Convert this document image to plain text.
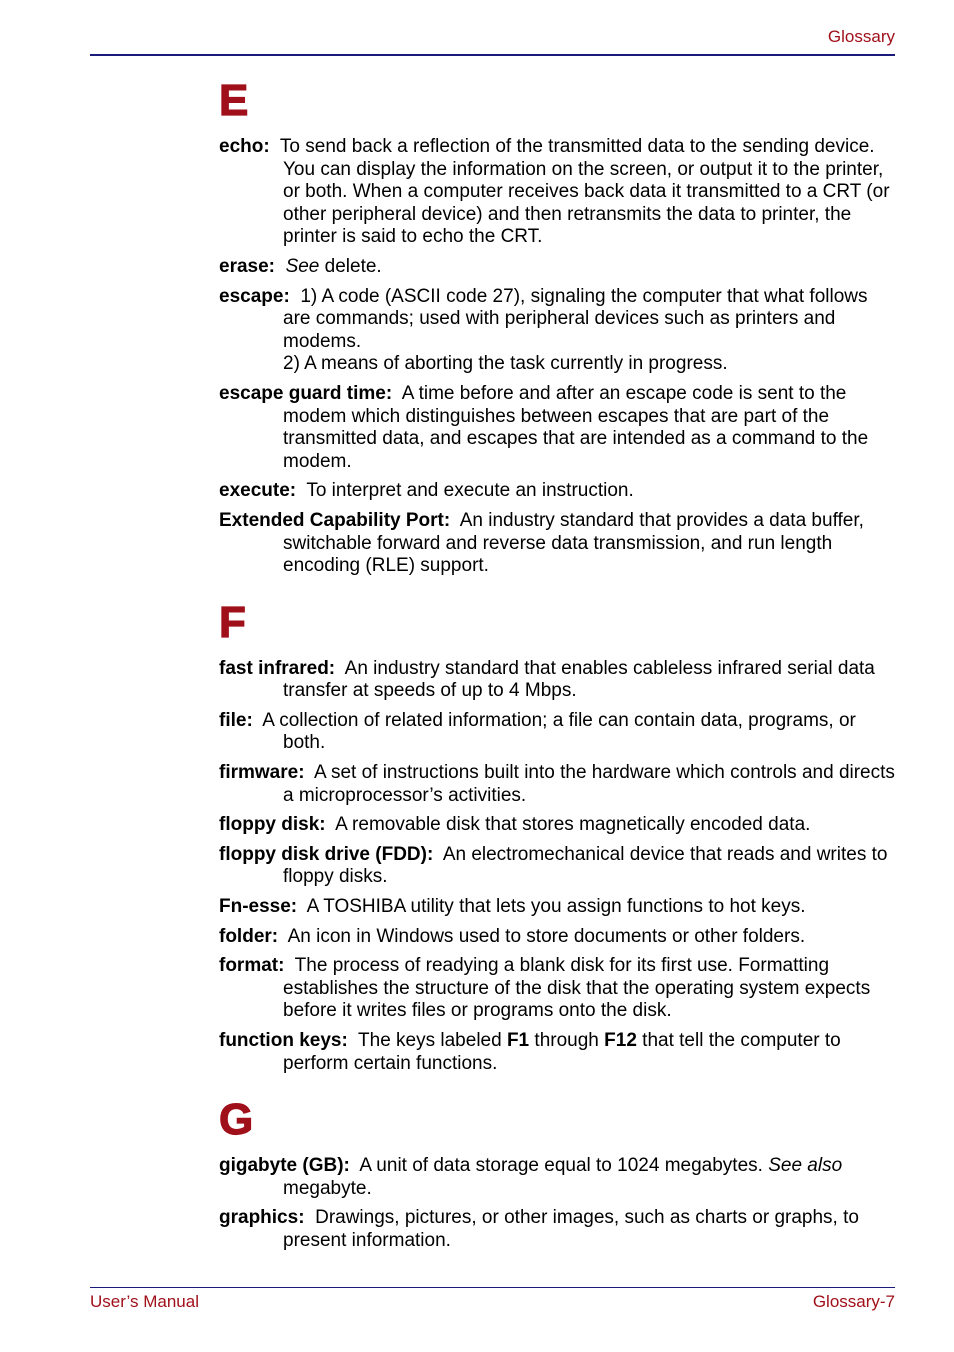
Glossary
E

echo: To send back a reflection of the transmitted data to the sending device. You can display the information on the screen, or output it to the printer, or both. When a computer receives back data it transmitted to a CRT (or other peripheral device) and then retransmits the data to printer, the printer is said to echo the CRT.

erase: See delete.

escape: 1) A code (ASCII code 27), signaling the computer that what follows are commands; used with peripheral devices such as printers and modems.
2) A means of aborting the task currently in progress.

escape guard time: A time before and after an escape code is sent to the modem which distinguishes between escapes that are part of the transmitted data, and escapes that are intended as a command to the modem.

execute: To interpret and execute an instruction.

Extended Capability Port: An industry standard that provides a data buffer, switchable forward and reverse data transmission, and run length encoding (RLE) support.

F

fast infrared: An industry standard that enables cableless infrared serial data transfer at speeds of up to 4 Mbps.

file: A collection of related information; a file can contain data, programs, or both.

firmware: A set of instructions built into the hardware which controls and directs a microprocessor’s activities.

floppy disk: A removable disk that stores magnetically encoded data.

floppy disk drive (FDD): An electromechanical device that reads and writes to floppy disks.

Fn-esse: A TOSHIBA utility that lets you assign functions to hot keys.

folder: An icon in Windows used to store documents or other folders.

format: The process of readying a blank disk for its first use. Formatting establishes the structure of the disk that the operating system expects before it writes files or programs onto the disk.

function keys: The keys labeled F1 through F12 that tell the computer to perform certain functions.

G

gigabyte (GB): A unit of data storage equal to 1024 megabytes. See also megabyte.

graphics: Drawings, pictures, or other images, such as charts or graphs, to present information.

User’s Manual	Glossary-7
